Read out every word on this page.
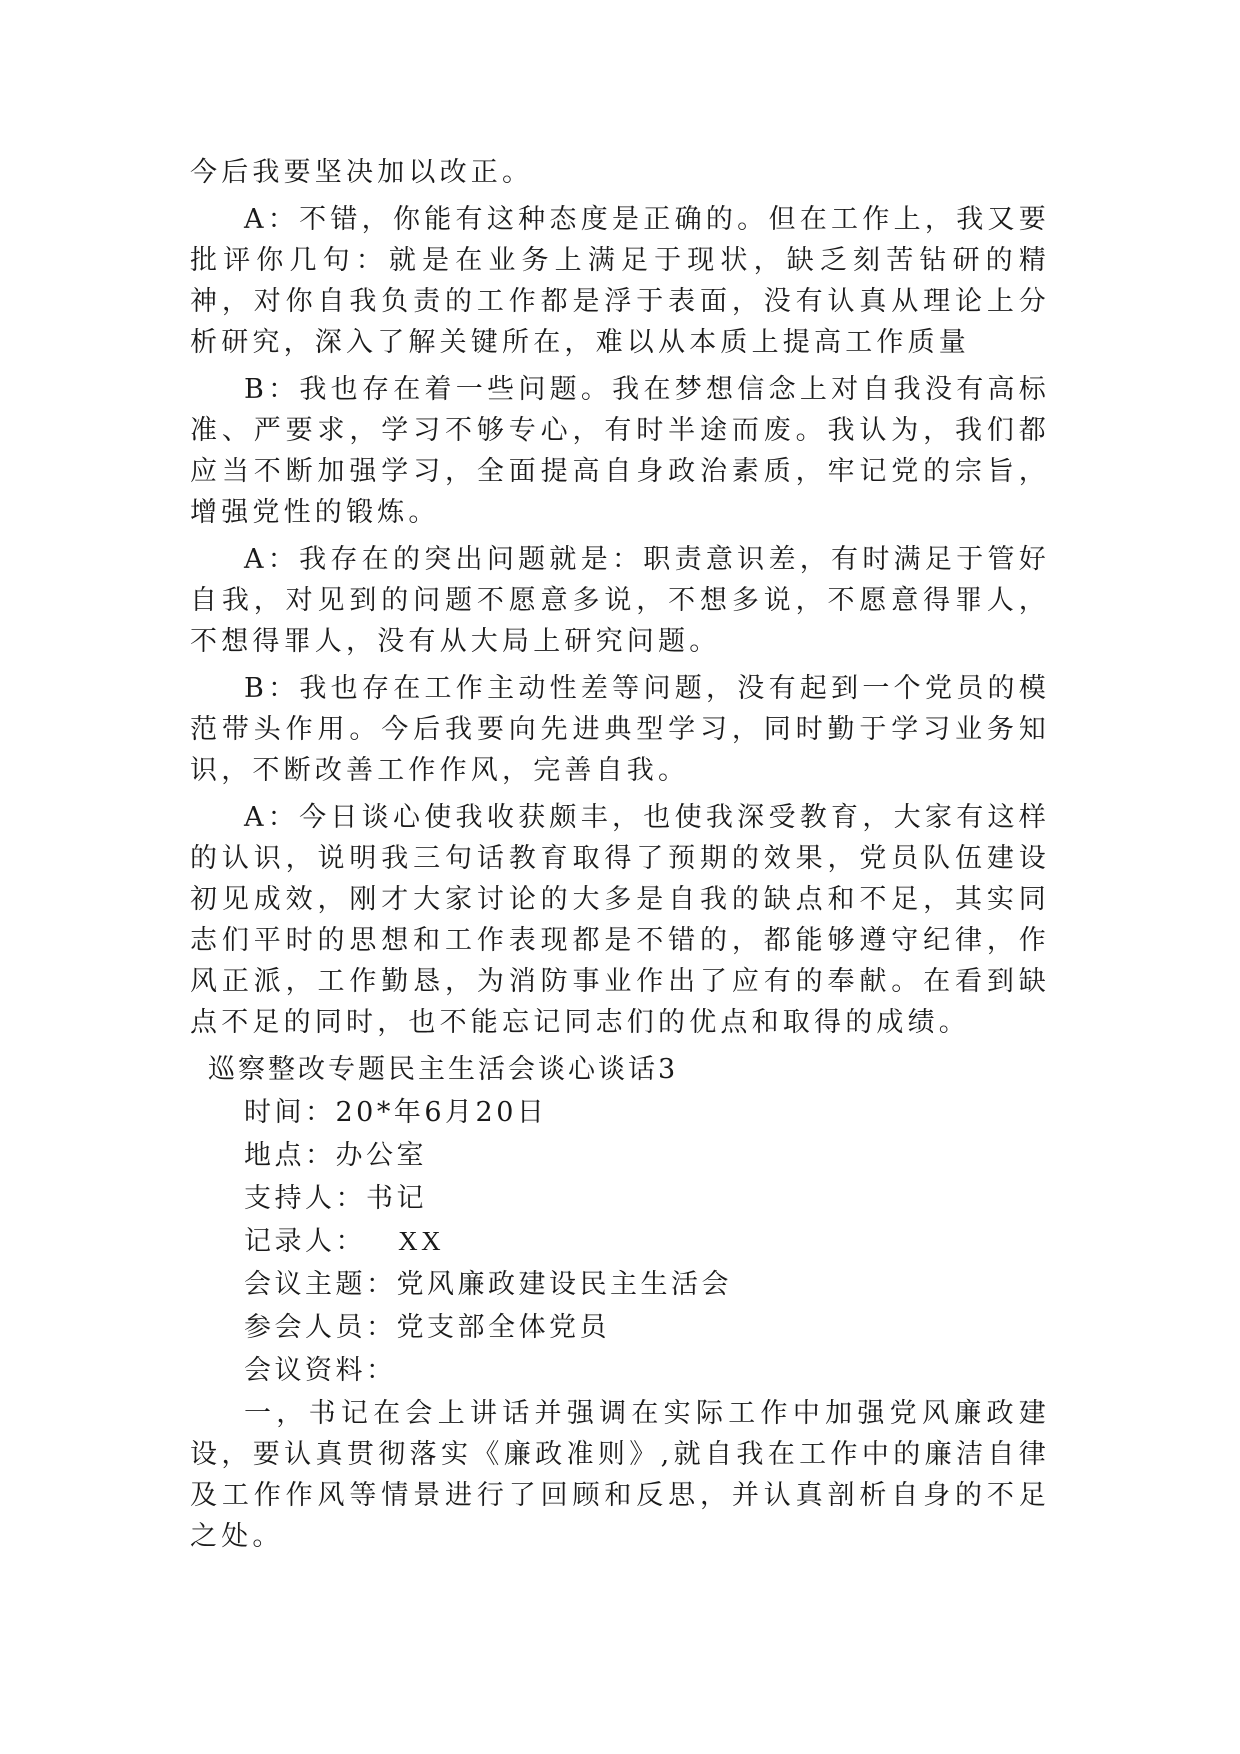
今后我要坚决加以改正。

A：不错，你能有这种态度是正确的。但在工作上，我又要批评你几句：就是在业务上满足于现状，缺乏刻苦钻研的精神，对你自我负责的工作都是浮于表面，没有认真从理论上分析研究，深入了解关键所在，难以从本质上提高工作质量

B：我也存在着一些问题。我在梦想信念上对自我没有高标准、严要求，学习不够专心，有时半途而废。我认为，我们都应当不断加强学习，全面提高自身政治素质，牢记党的宗旨，增强党性的锻炼。

A：我存在的突出问题就是：职责意识差，有时满足于管好自我，对见到的问题不愿意多说，不想多说，不愿意得罪人，不想得罪人，没有从大局上研究问题。

B：我也存在工作主动性差等问题，没有起到一个党员的模范带头作用。今后我要向先进典型学习，同时勤于学习业务知识，不断改善工作作风，完善自我。

A：今日谈心使我收获颇丰，也使我深受教育，大家有这样的认识，说明我三句话教育取得了预期的效果，党员队伍建设初见成效，刚才大家讨论的大多是自我的缺点和不足，其实同志们平时的思想和工作表现都是不错的，都能够遵守纪律，作风正派，工作勤恳，为消防事业作出了应有的奉献。在看到缺点不足的同时，也不能忘记同志们的优点和取得的成绩。

巡察整改专题民主生活会谈心谈话3
时间：20*年6月20日
地点：办公室
支持人：书记
记录人： XX
会议主题：党风廉政建设民主生活会
参会人员：党支部全体党员
会议资料：

一，书记在会上讲话并强调在实际工作中加强党风廉政建设，要认真贯彻落实《廉政准则》,就自我在工作中的廉洁自律及工作作风等情景进行了回顾和反思，并认真剖析自身的不足之处。
